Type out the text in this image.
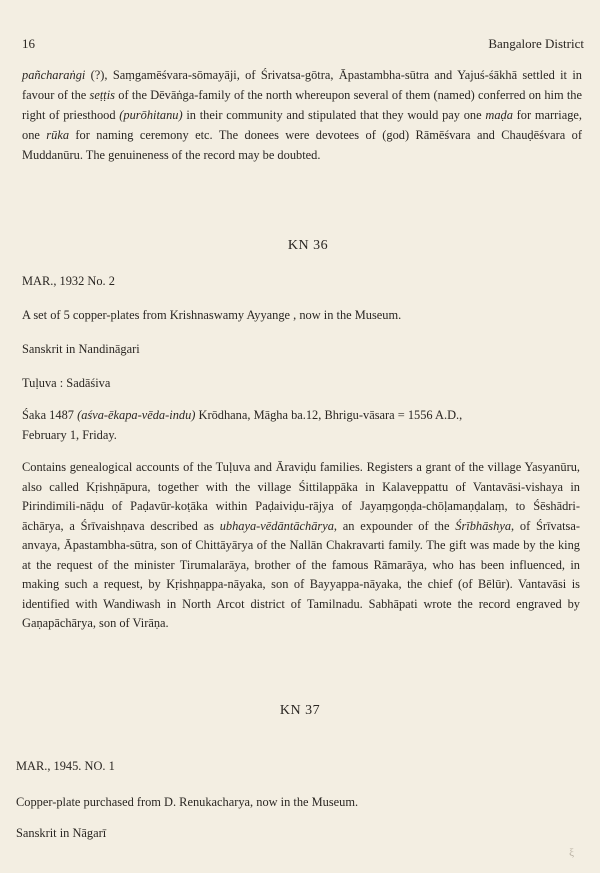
16	Bangalore District

pañcharaṅgi (?), Saṃgamēśvara-sōmayāji, of Śrivatsa-gōtra, Āpastambha-sūtra and Yajuś-śākhā settled it in favour of the seṭṭis of the Dēvāṅga-family of the north whereupon several of them (named) conferred on him the right of priesthood (purōhitanu) in their community and stipulated that they would pay one maḍa for marriage, one rūka for naming ceremony etc. The donees were devotees of (god) Rāmēśvara and Chauḍēśvara of Muddanūru. The genuineness of the record may be doubted.

KN 36
MAR., 1932 No. 2
A set of 5 copper-plates from Krishnaswamy Ayyange , now in the Museum.
Sanskrit in Nandināgari
Tuḷuva : Sadāśiva
Śaka 1487 (aśva-ēkapa-vēda-indu) Krōdhana, Māgha ba.12, Bhrigu-vāsara = 1556 A.D.,
February 1, Friday.

Contains genealogical accounts of the Tuḷuva and Āraviḍu families. Registers a grant of the village Yasyanūru, also called Kṛishṇāpura, together with the village Śittilappāka in Kalaveppattu of Vantavāsi-vishaya in Pirindimili-nāḍu of Paḍavūr-koṭāka within Paḍaiviḍu-rājya of Jayaṃgoṇḍa-chōḷamaṇḍalaṃ, to Śēshādri-āchārya, a Śrīvaishṇava described as ubhaya-vēdāntāchārya, an expounder of the Śrībhāshya, of Śrīvatsa-anvaya, Āpastambha-sūtra, son of Chittāyārya of the Nallān Chakravarti family. The gift was made by the king at the request of the minister Tirumalarāya, brother of the famous Rāmarāya, who has been influenced, in making such a request, by Kṛishṇappa-nāyaka, son of Bayyappa-nāyaka, the chief (of Bēlūr). Vantavāsi is identified with Wandiwash in North Arcot district of Tamilnadu. Sabhāpati wrote the record engraved by Gaṇapāchārya, son of Virāṇa.

KN 37
MAR., 1945. NO. 1
Copper-plate purchased from D. Renukacharya, now in the Museum.
Sanskrit in Nāgarī
ξ
